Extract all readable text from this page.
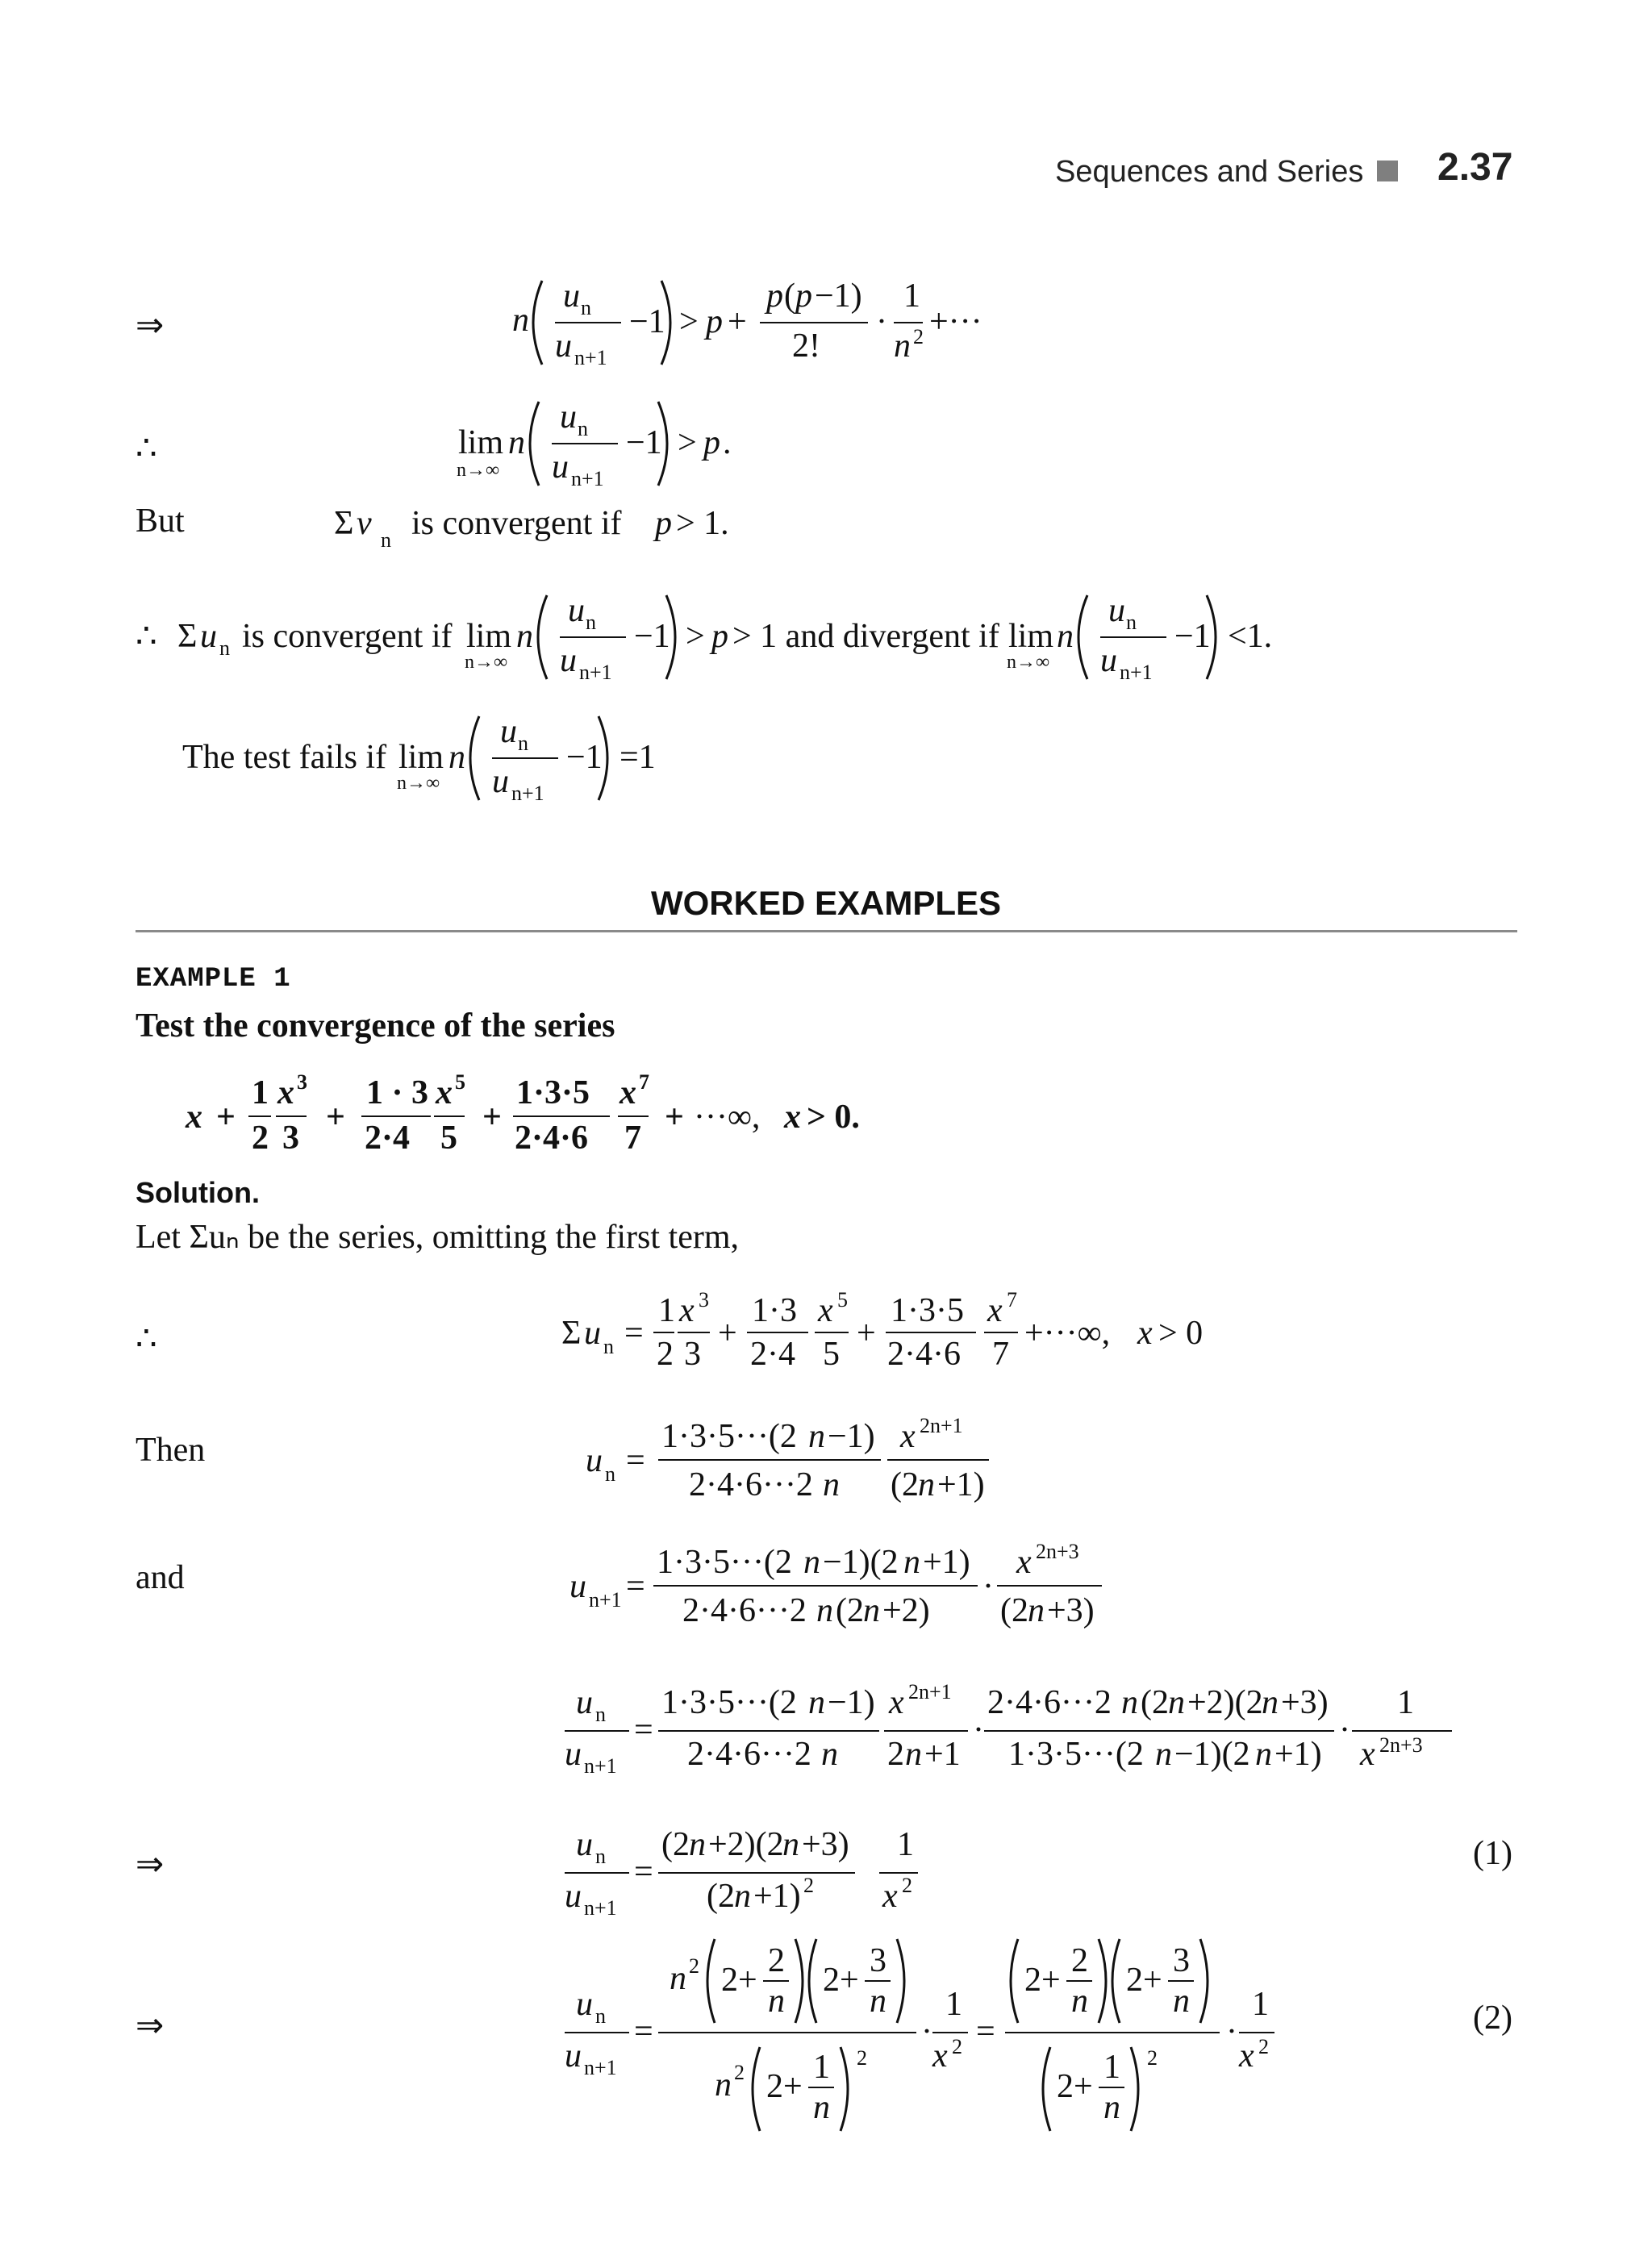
Sequences and Series 2.37
⇒	n
u n
u n+1
−1 > p +
p ( p −1)
2!
·
1
n 2 +···
∴	lim
n→∞
n
u n
u n+1
−1 > p .
But	Σ v n is convergent if p > 1.
∴ Σ u n is convergent if lim
n→∞
n
u n
u n+1
−1 > p > 1 and divergent if lim
n→∞
n
u n
u n+1
−1 <1.
The test fails if lim
n→∞
n
u n
u n+1
−1 =1
WORKED EXAMPLES
EXAMPLE 1
Test the convergence of the series
x +
1
2
x 3
3
+
1 · 3
2·4
x 5
5
+
1·3·5
2·4·6
x 7
7
+ ···∞, x > 0.
Solution.
Let Σuₙ be the series, omitting the first term,
∴	Σ u n =
1
2
x 3
3
+
1·3
2·4
x 5
5
+
1·3·5
2·4·6
x 7
7
+···∞, x > 0
Then	u n =
1·3·5···(2 n −1)
2·4·6···2 n
x 2n+1
(2 n +1)
and	u n+1 =
1·3·5···(2 n −1)(2 n +1)
2·4·6···2 n (2 n +2)
·
x 2n+3
(2 n +3)
u n
u n+1
=
1·3·5···(2 n −1)
2·4·6···2 n
x 2n+1
2 n +1
·
2·4·6···2 n (2 n +2)(2
n +3)
1·3·5···(2 n −1)(2 n +1)
·
1
x 2n+3
⇒
u n
u n+1
=
(2 n +2)(2
n +3)
(2 n +1) 2
1
x 2
(1)
⇒
u n
u n+1
=
n 2 2+
2
n
2+
3
n
n 2 2+
1
n
2
·
1
x 2 =
2+
2
n
2+
3
n
2+
1
n
2
·
1
x 2
(2)
